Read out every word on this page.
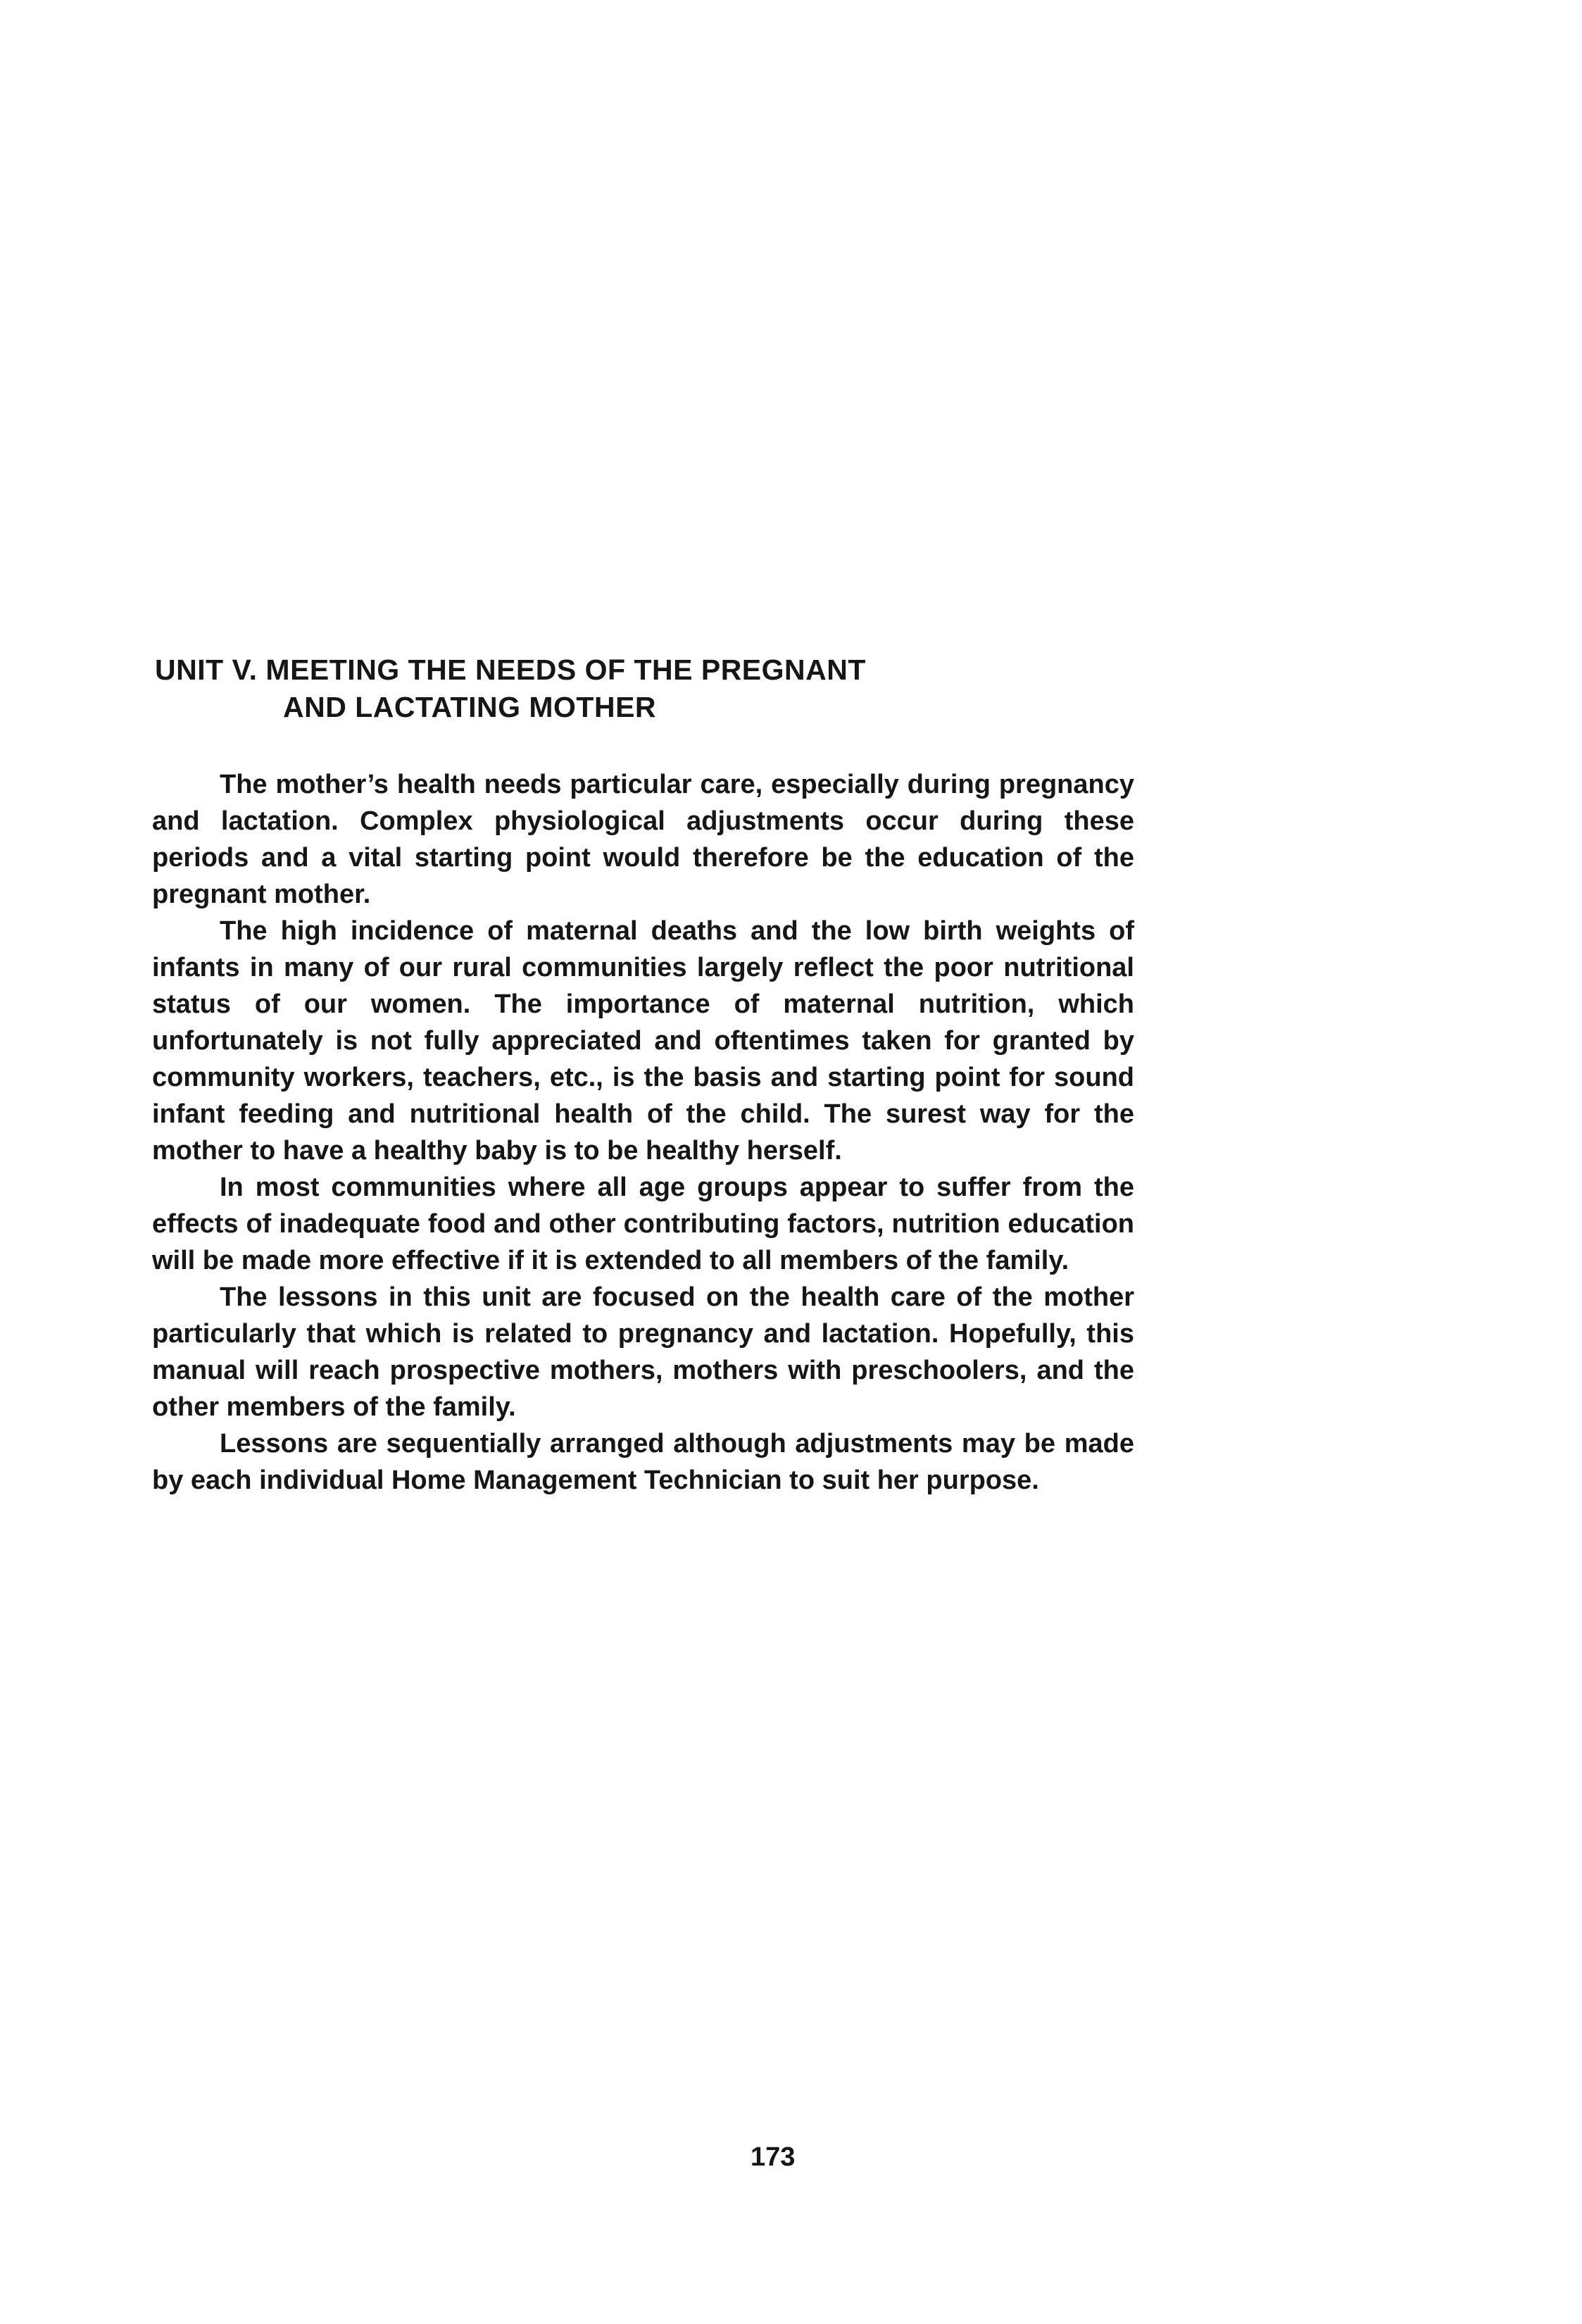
UNIT V. MEETING THE NEEDS OF THE PREGNANT
AND LACTATING MOTHER

The mother’s health needs particular care, especially during pregnancy and lactation. Complex physiological adjustments occur during these periods and a vital starting point would therefore be the education of the pregnant mother.

The high incidence of maternal deaths and the low birth weights of infants in many of our rural communities largely reflect the poor nutritional status of our women. The importance of maternal nutrition, which unfortunately is not fully appreciated and oftentimes taken for granted by community workers, teachers, etc., is the basis and starting point for sound infant feeding and nutritional health of the child. The surest way for the mother to have a healthy baby is to be healthy herself.

In most communities where all age groups appear to suffer from the effects of inadequate food and other contributing factors, nutrition education will be made more effective if it is extended to all members of the family.

The lessons in this unit are focused on the health care of the mother particularly that which is related to pregnancy and lactation. Hopefully, this manual will reach prospective mothers, mothers with preschoolers, and the other members of the family.

Lessons are sequentially arranged although adjustments may be made by each individual Home Management Technician to suit her purpose.

173
